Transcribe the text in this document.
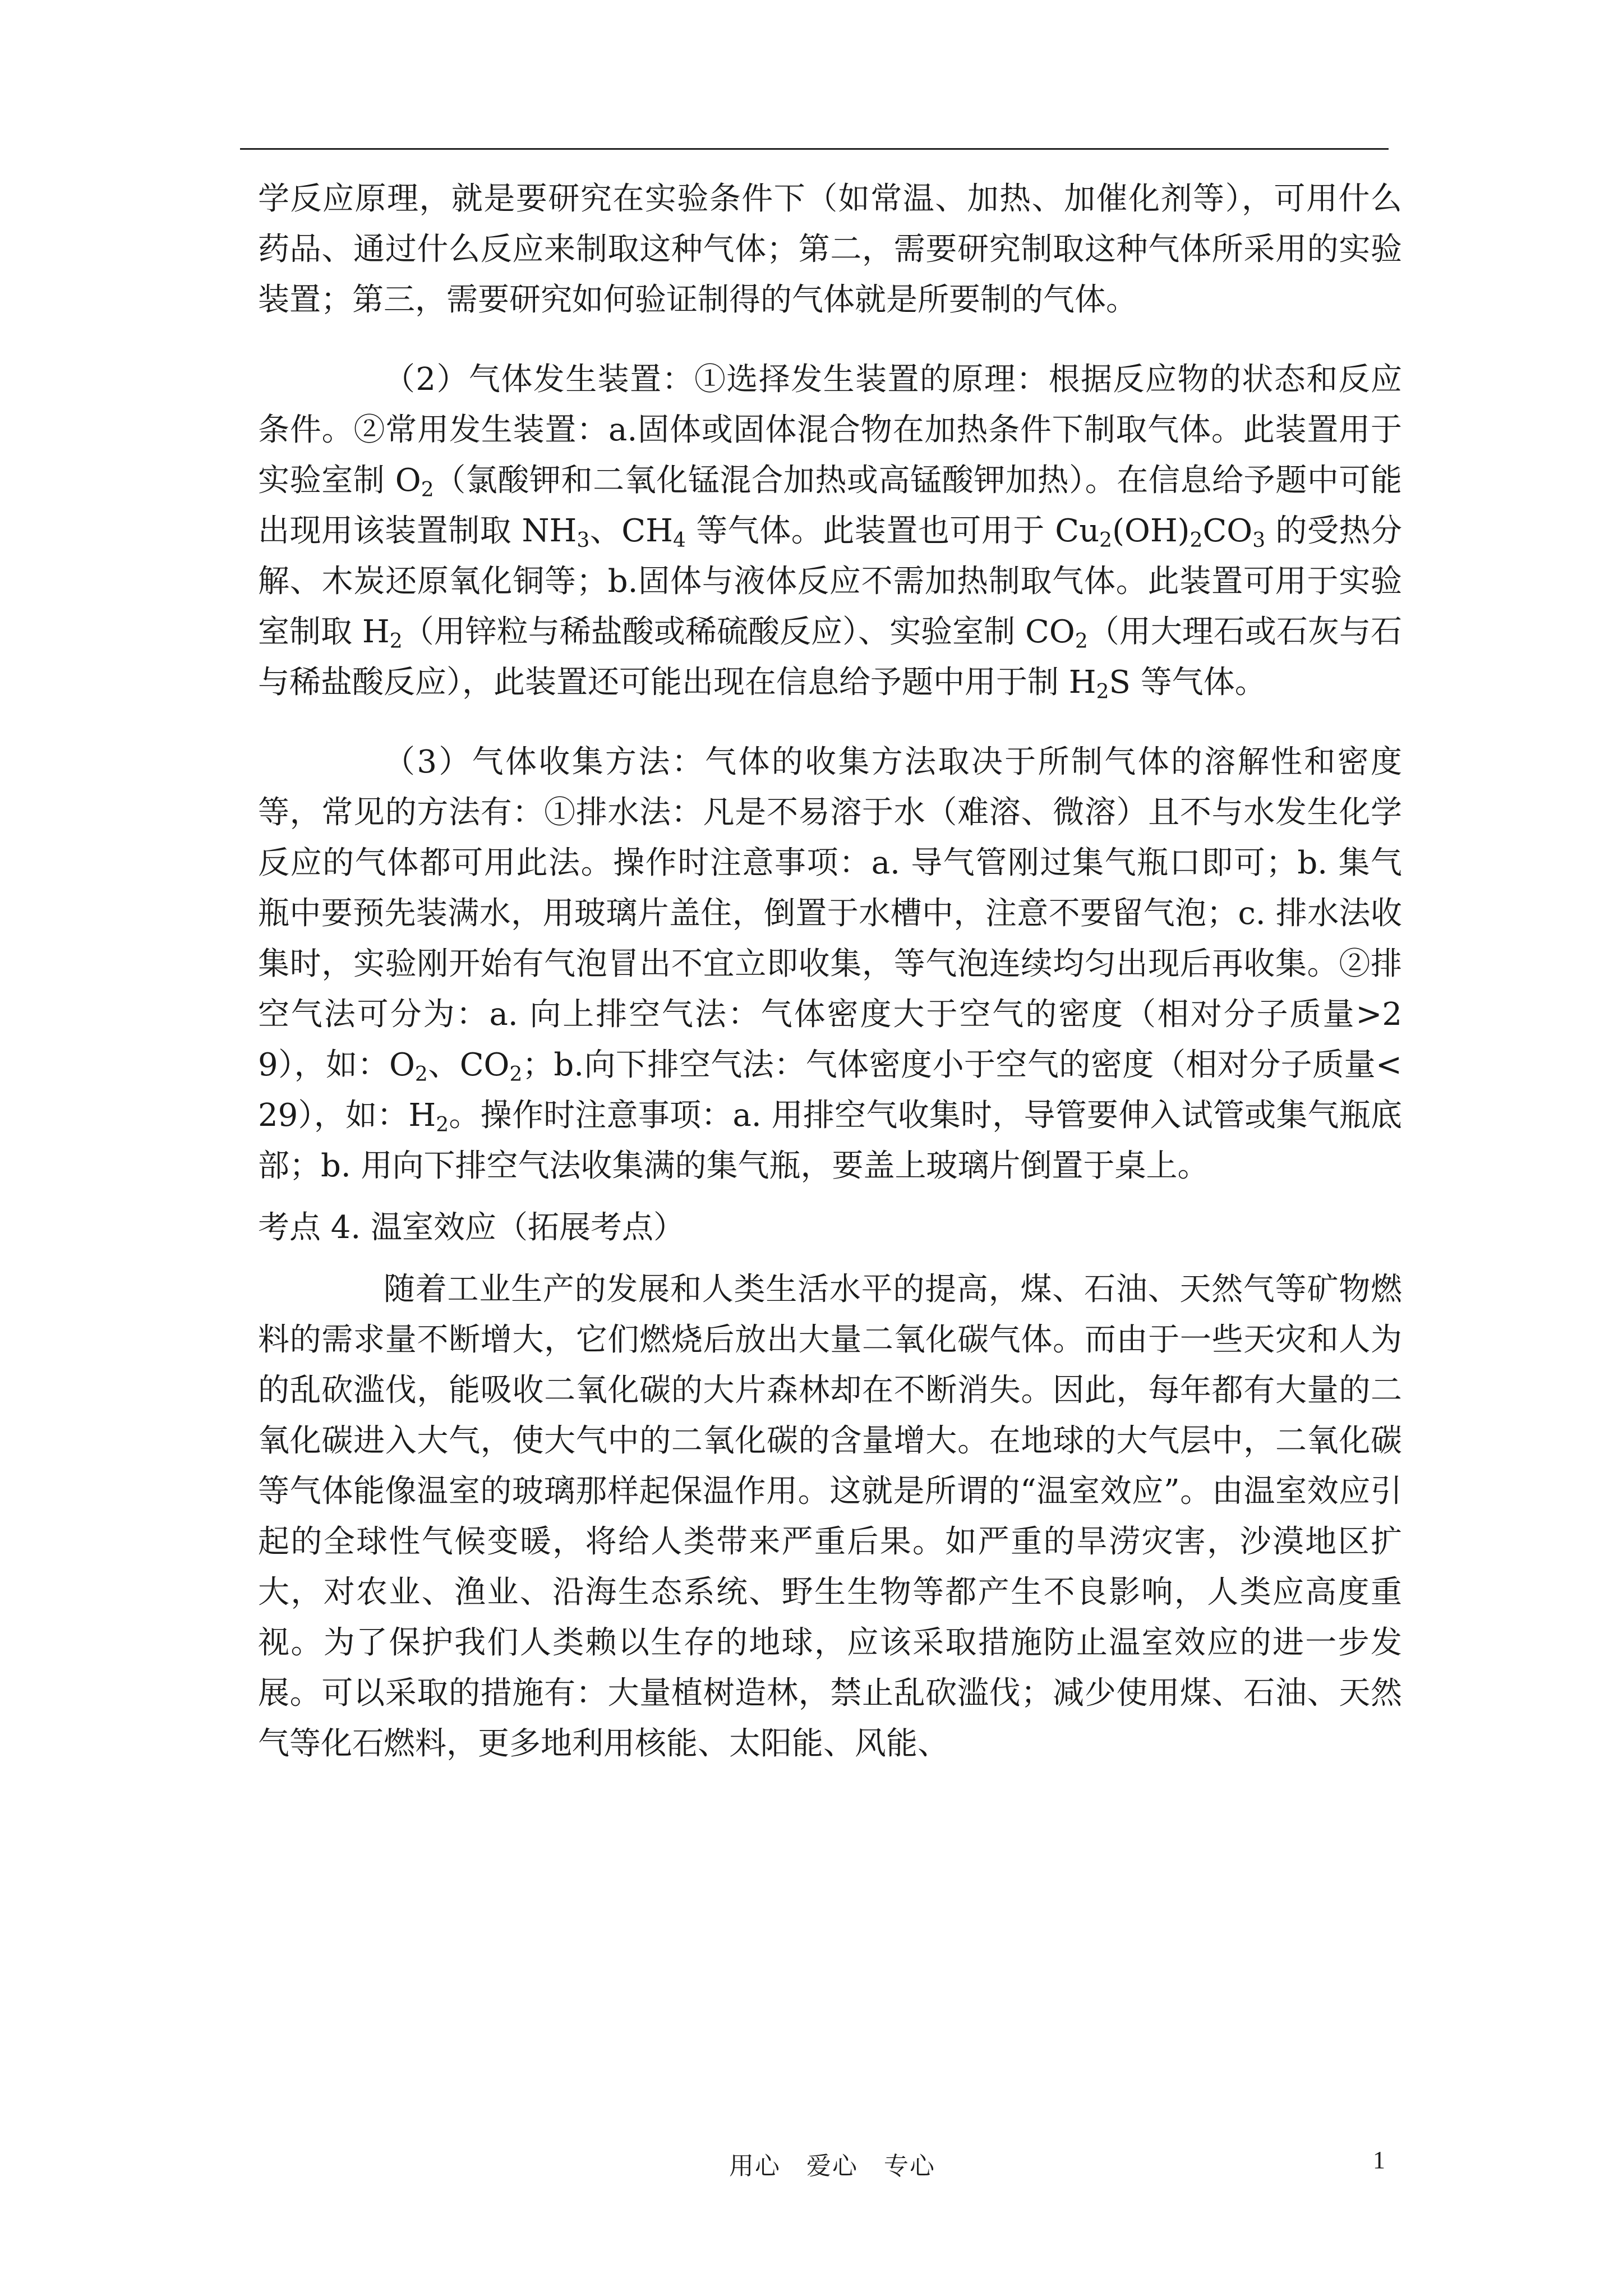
学反应原理，就是要研究在实验条件下（如常温、加热、加催化剂等），可用什么药品、通过什么反应来制取这种气体；第二，需要研究制取这种气体所采用的实验装置；第三，需要研究如何验证制得的气体就是所要制的气体。

（2）气体发生装置：①选择发生装置的原理：根据反应物的状态和反应条件。②常用发生装置：a.固体或固体混合物在加热条件下制取气体。此装置用于实验室制 $O_2$（氯酸钾和二氧化锰混合加热或高锰酸钾加热）。在信息给予题中可能出现用该装置制取 $NH_3$、$CH_4$ 等气体。此装置也可用于 $Cu_2(OH)_2CO_3$ 的受热分解、木炭还原氧化铜等；b.固体与液体反应不需加热制取气体。此装置可用于实验室制取 $H_2$（用锌粒与稀盐酸或稀硫酸反应）、实验室制 $CO_2$（用大理石或石灰与石与稀盐酸反应），此装置还可能出现在信息给予题中用于制 $H_2S$ 等气体。

（3）气体收集方法：气体的收集方法取决于所制气体的溶解性和密度等，常见的方法有：①排水法：凡是不易溶于水（难溶、微溶）且不与水发生化学反应的气体都可用此法。操作时注意事项：a. 导气管刚过集气瓶口即可；b. 集气瓶中要预先装满水，用玻璃片盖住，倒置于水槽中，注意不要留气泡；c. 排水法收集时，实验刚开始有气泡冒出不宜立即收集，等气泡连续均匀出现后再收集。②排空气法可分为：a. 向上排空气法：气体密度大于空气的密度（相对分子质量>29），如：$O_2$、$CO_2$；b.向下排空气法：气体密度小于空气的密度（相对分子质量<29），如：$H_2$。操作时注意事项：a. 用排空气收集时，导管要伸入试管或集气瓶底部；b. 用向下排空气法收集满的集气瓶，要盖上玻璃片倒置于桌上。

考点 4. 温室效应（拓展考点）

随着工业生产的发展和人类生活水平的提高，煤、石油、天然气等矿物燃料的需求量不断增大，它们燃烧后放出大量二氧化碳气体。而由于一些天灾和人为的乱砍滥伐，能吸收二氧化碳的大片森林却在不断消失。因此，每年都有大量的二氧化碳进入大气，使大气中的二氧化碳的含量增大。在地球的大气层中，二氧化碳等气体能像温室的玻璃那样起保温作用。这就是所谓的“温室效应”。由温室效应引起的全球性气候变暖，将给人类带来严重后果。如严重的旱涝灾害，沙漠地区扩大，对农业、渔业、沿海生态系统、野生生物等都产生不良影响，人类应高度重视。为了保护我们人类赖以生存的地球，应该采取措施防止温室效应的进一步发展。可以采取的措施有：大量植树造林，禁止乱砍滥伐；减少使用煤、石油、天然气等化石燃料，更多地利用核能、太阳能、风能、

用心　爱心　专心	1
